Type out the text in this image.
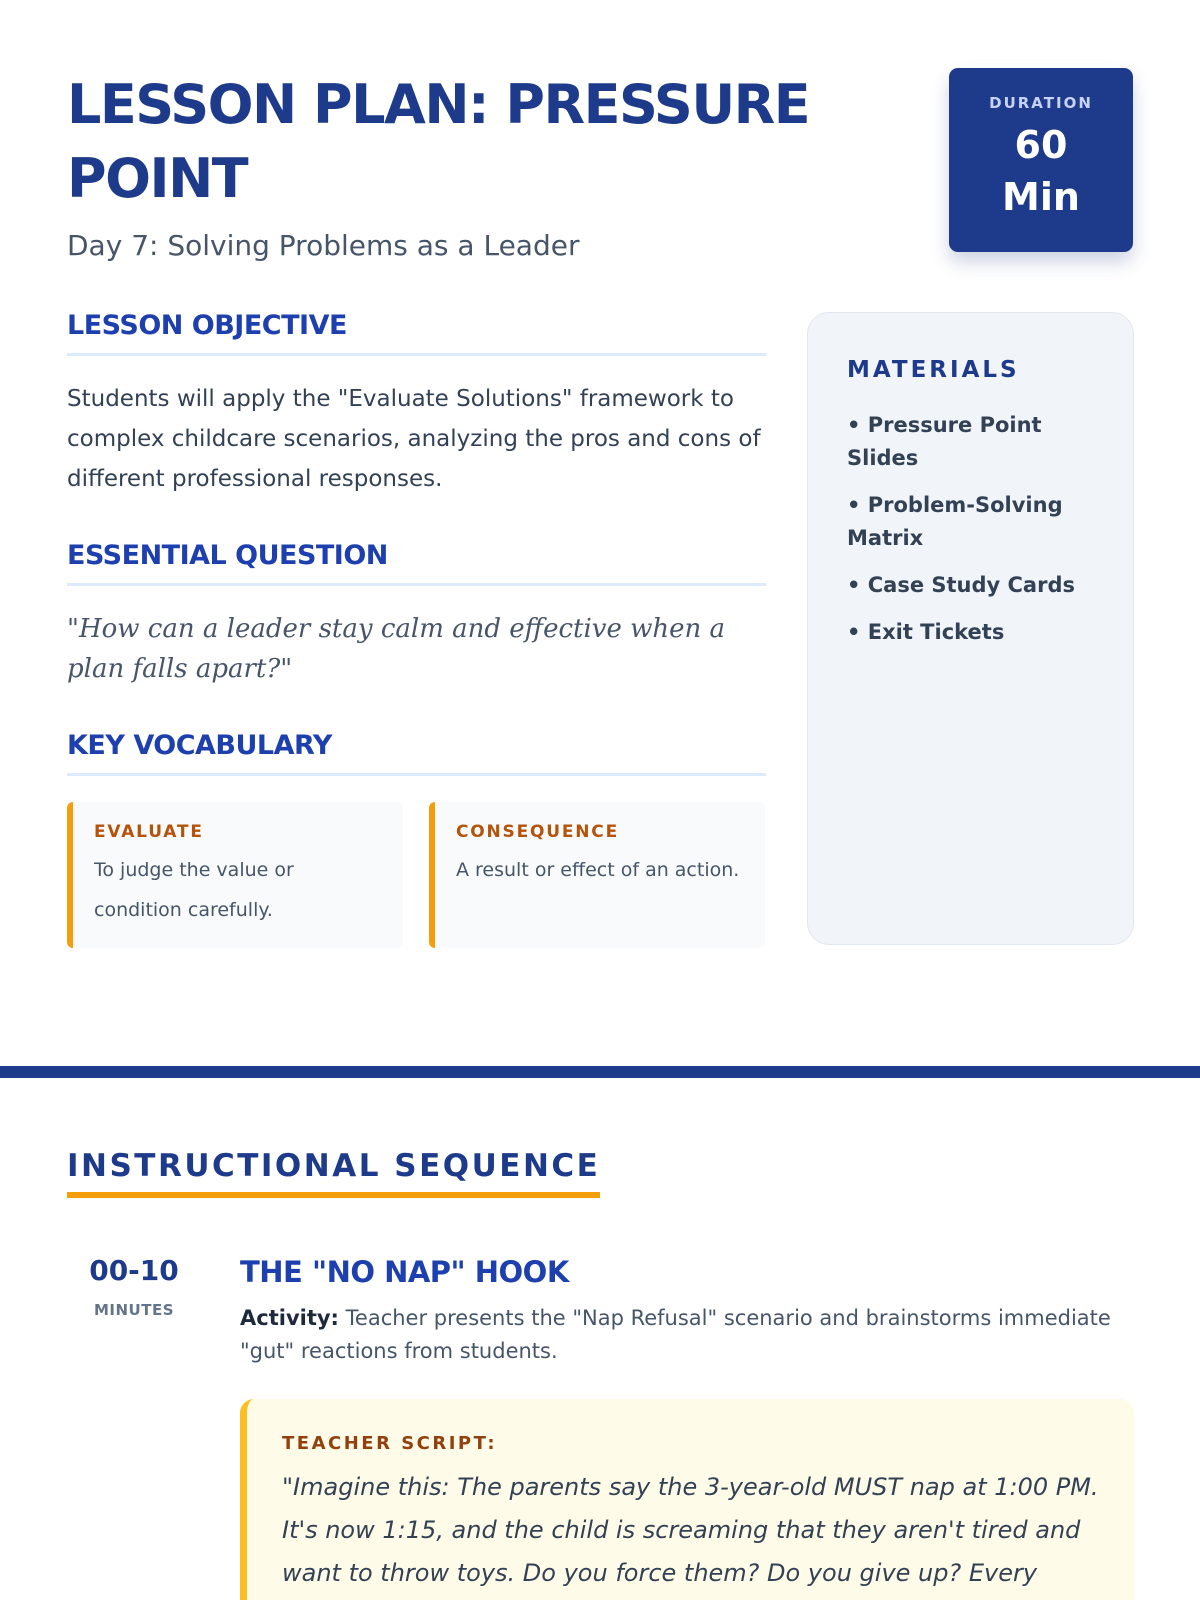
LESSON PLAN: PRESSURE POINT
Day 7: Solving Problems as a Leader
DURATION
60
Min
LESSON OBJECTIVE

Students will apply the "Evaluate Solutions" framework to complex childcare scenarios, analyzing the pros and cons of different professional responses.

ESSENTIAL QUESTION

"How can a leader stay calm and effective when a plan falls apart?"

KEY VOCABULARY
EVALUATE
To judge the value or condition carefully.
CONSEQUENCE
A result or effect of an action.
MATERIALS
• Pressure Point Slides
• Problem-Solving Matrix
• Case Study Cards
• Exit Tickets
INSTRUCTIONAL SEQUENCE
00-10
MINUTES
THE "NO NAP" HOOK

Activity: Teacher presents the "Nap Refusal" scenario and brainstorms immediate "gut" reactions from students.

TEACHER SCRIPT:
"Imagine this: The parents say the 3-year-old MUST nap at 1:00 PM. It's now 1:15, and the child is screaming that they aren't tired and want to throw toys. Do you force them? Do you give up? Every
